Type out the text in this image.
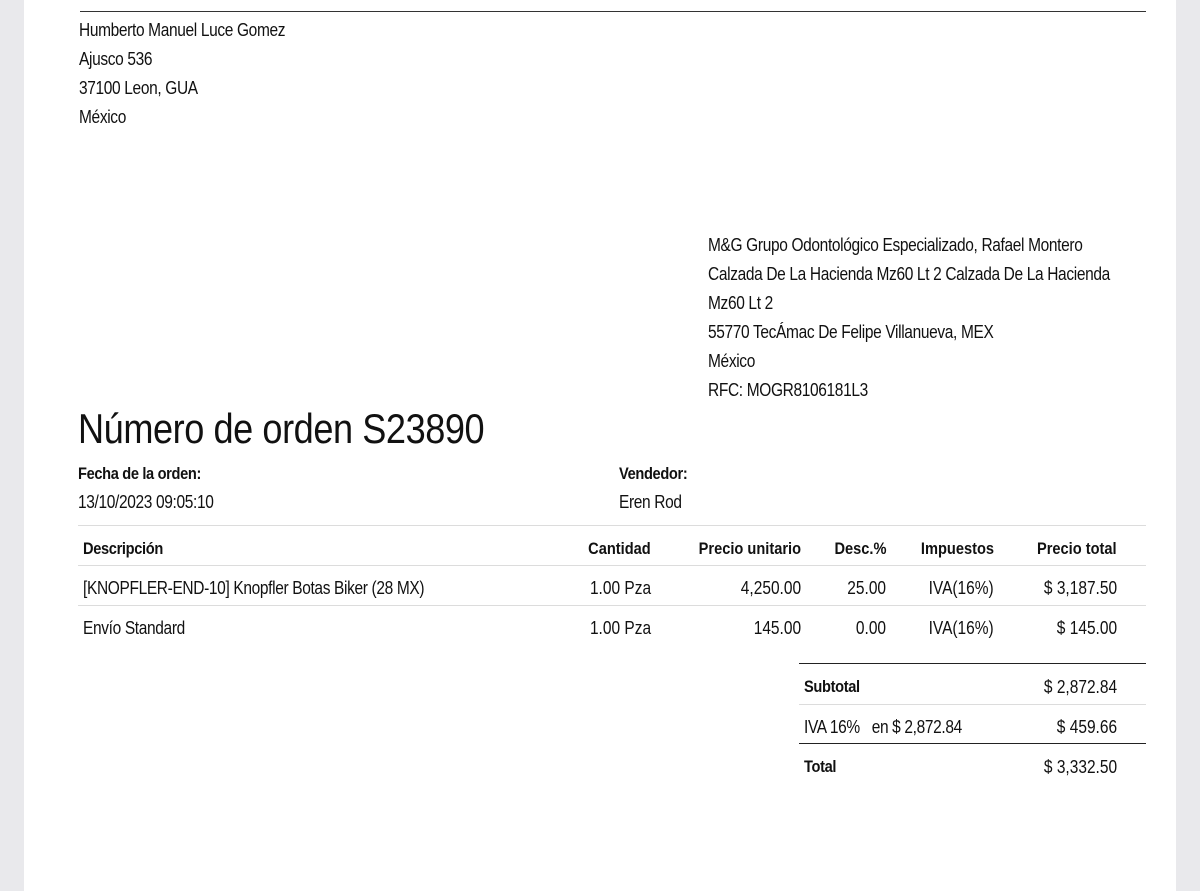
Humberto Manuel Luce Gomez
Ajusco 536
37100 Leon, GUA
México
M&G Grupo Odontológico Especializado, Rafael Montero
Calzada De La Hacienda Mz60 Lt 2 Calzada De La Hacienda
Mz60 Lt 2
55770 TecÁmac De Felipe Villanueva, MEX
México
RFC: MOGR8106181L3
Número de orden S23890
Fecha de la orden:
13/10/2023 09:05:10
Vendedor:
Eren Rod
Descripción	Cantidad	Precio unitario	Desc.%	Impuestos	Precio total
[KNOPFLER-END-10] Knopfler Botas Biker (28 MX)	1.00 Pza	4,250.00	25.00	IVA(16%)	$ 3,187.50
Envío Standard	1.00 Pza	145.00	0.00	IVA(16%)	$ 145.00
Subtotal	$ 2,872.84
IVA 16%   en $ 2,872.84	$ 459.66
Total	$ 3,332.50
